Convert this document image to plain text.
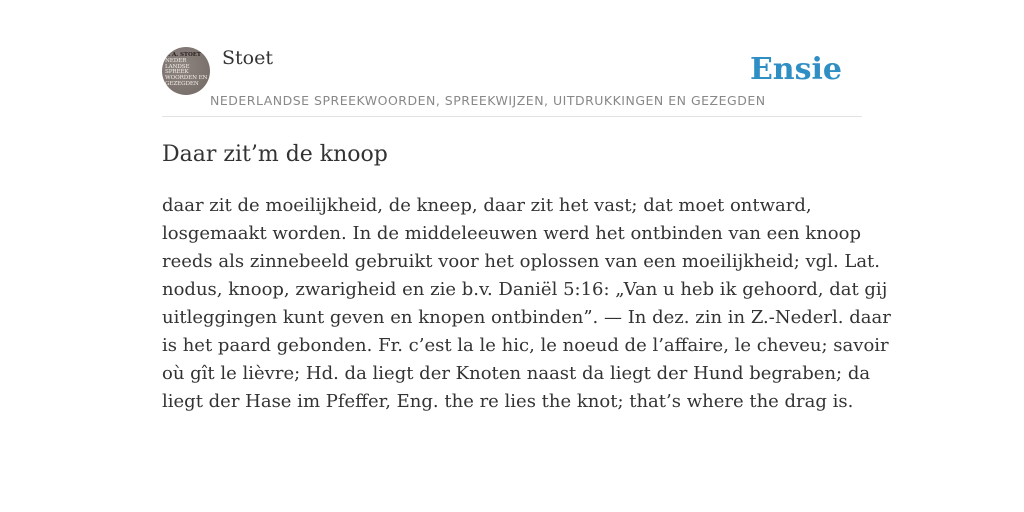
F. A. STOET
NEDER
LANDSE
SPREEK
WOORDEN EN
GEZEGDEN
Stoet
NEDERLANDSE SPREEKWOORDEN, SPREEKWIJZEN, UITDRUKKINGEN EN GEZEGDEN
Ensie
Daar zit’m de knoop
daar zit de moeilijkheid, de kneep, daar zit het vast; dat moet ontward,
losgemaakt worden. In de middeleeuwen werd het ontbinden van een knoop
reeds als zinnebeeld gebruikt voor het oplossen van een moeilijkheid; vgl. Lat.
nodus, knoop, zwarigheid en zie b.v. Daniël 5:16: „Van u heb ik gehoord, dat gij
uitleggingen kunt geven en knopen ontbinden”. — In dez. zin in Z.-Nederl. daar
is het paard gebonden. Fr. c’est la le hic, le noeud de l’affaire, le cheveu; savoir
où gît le lièvre; Hd. da liegt der Knoten naast da liegt der Hund begraben; da
liegt der Hase im Pfeffer, Eng. the re lies the knot; that’s where the drag is.
